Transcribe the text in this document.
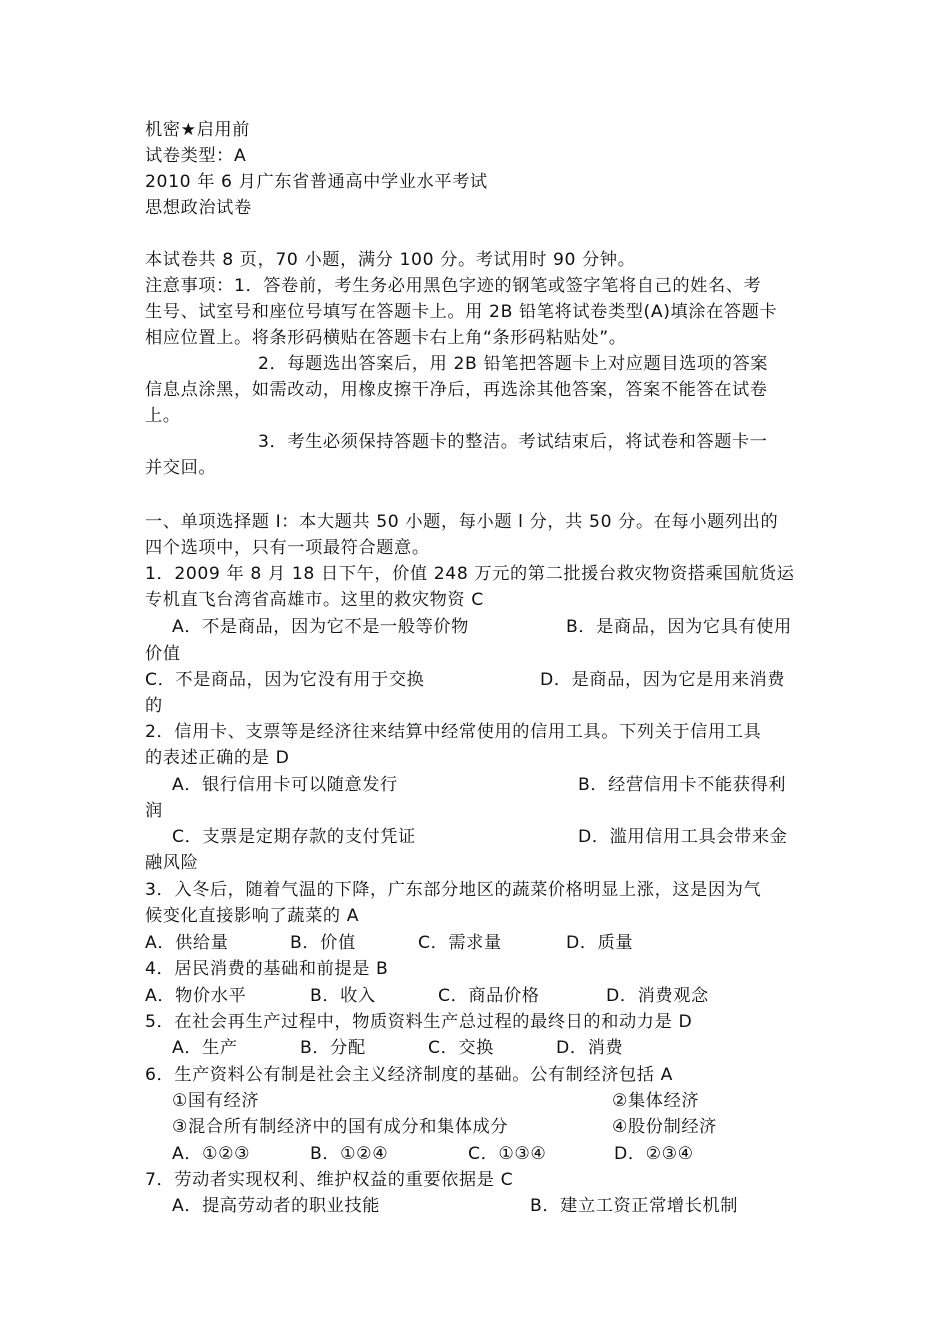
机密★启用前
试卷类型：A
2010 年 6 月广东省普通高中学业水平考试
思想政治试卷
本试卷共 8 页，70 小题，满分 100 分。考试用时 90 分钟。
注意事项：1．答卷前，考生务必用黑色字迹的钢笔或签字笔将自己的姓名、考
生号、试室号和座位号填写在答题卡上。用 2B 铅笔将试卷类型(A)填涂在答题卡
相应位置上。将条形码横贴在答题卡右上角“条形码粘贴处”。
2．每题选出答案后，用 2B 铅笔把答题卡上对应题目选项的答案
信息点涂黑，如需改动，用橡皮擦干净后，再选涂其他答案，答案不能答在试卷
上。
3．考生必须保持答题卡的整洁。考试结束后，将试卷和答题卡一
并交回。
一、单项选择题 I：本大题共 50 小题，每小题 l 分，共 50 分。在每小题列出的
四个选项中，只有一项最符合题意。
1．2009 年 8 月 18 日下午，价值 248 万元的第二批援台救灾物资搭乘国航货运
专机直飞台湾省高雄市。这里的救灾物资 C
A．不是商品，因为它不是一般等价物	B．是商品，因为它具有使用
价值
C．不是商品，因为它没有用于交换	D．是商品，因为它是用来消费
的
2．信用卡、支票等是经济往来结算中经常使用的信用工具。下列关于信用工具
的表述正确的是 D
A．银行信用卡可以随意发行	B．经营信用卡不能获得利
润
C．支票是定期存款的支付凭证	D．滥用信用工具会带来金
融风险
3．入冬后，随着气温的下降，广东部分地区的蔬菜价格明显上涨，这是因为气
候变化直接影响了蔬菜的 A
A．供给量	B．价值	C．需求量	D．质量
4．居民消费的基础和前提是 B
A．物价水平	B．收入	C．商品价格	D．消费观念
5．在社会再生产过程中，物质资料生产总过程的最终日的和动力是 D
A．生产	B．分配	C．交换	D．消费
6．生产资料公有制是社会主义经济制度的基础。公有制经济包括 A
①国有经济	②集体经济
③混合所有制经济中的国有成分和集体成分	④股份制经济
A．①②③	B．①②④	C．①③④	D．②③④
7．劳动者实现权利、维护权益的重要依据是 C
A．提高劳动者的职业技能	B．建立工资正常增长机制
